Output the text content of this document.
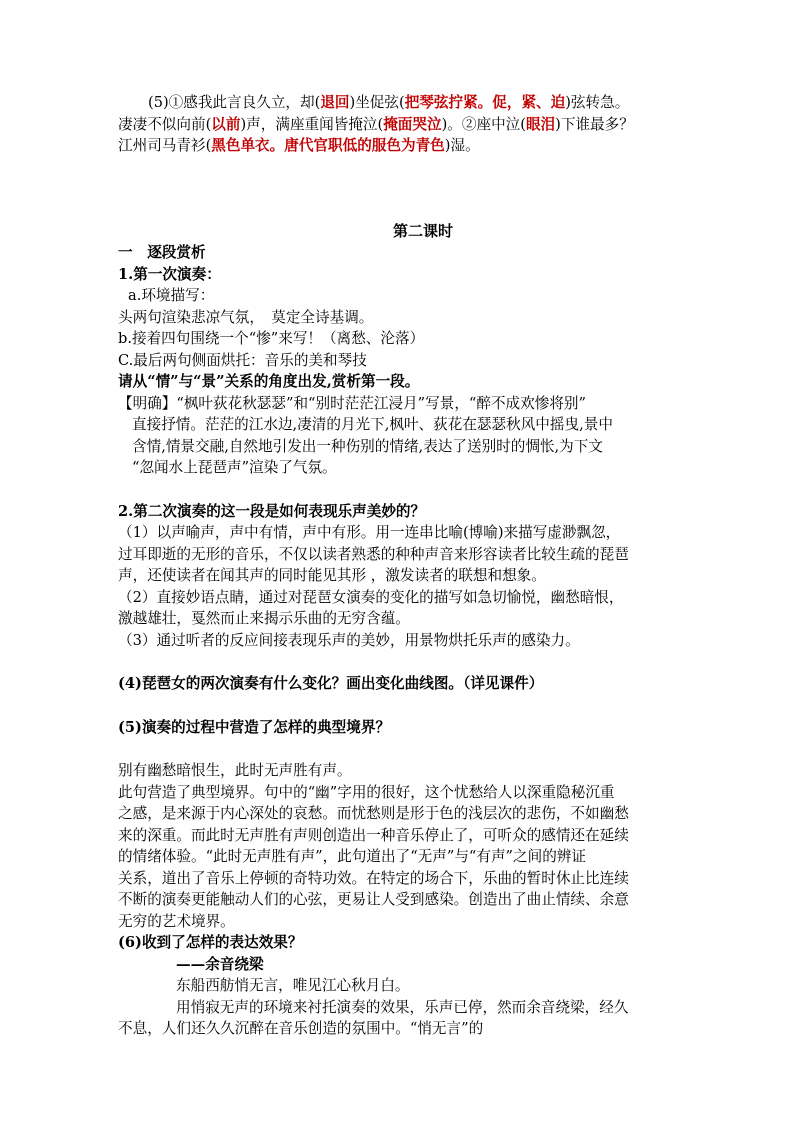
(5)①感我此言良久立，却(退回)坐促弦(把琴弦拧紧。促，紧、迫)弦转急。

凄凄不似向前(以前)声，满座重闻皆掩泣(掩面哭泣)。②座中泣(眼泪)下谁最多？

江州司马青衫(黑色单衣。唐代官职低的服色为青色)湿。

第二课时

一　逐段赏析

1.第一次演奏：

a.环境描写：

头两句渲染悲凉气氛，　莫定全诗基调。

b.接着四句围绕一个“惨”来写！（离愁、沦落）

C.最后两句侧面烘托：音乐的美和琴技

请从“情”与“景”关系的角度出发,赏析第一段。

【明确】“枫叶荻花秋瑟瑟”和“别时茫茫江浸月”写景，“醉不成欢惨将别”

直接抒情。茫茫的江水边,凄清的月光下,枫叶、荻花在瑟瑟秋风中摇曳,景中

含情,情景交融,自然地引发出一种伤别的情绪,表达了送别时的惆怅,为下文

“忽闻水上琵琶声”渲染了气氛。

2.第二次演奏的这一段是如何表现乐声美妙的？

（1）以声喻声，声中有情，声中有形。用一连串比喻(博喻)来描写虚渺飘忽，

过耳即逝的无形的音乐，不仅以读者熟悉的种种声音来形容读者比较生疏的琵琶

声，还使读者在闻其声的同时能见其形 ，激发读者的联想和想象。

（2）直接妙语点睛，通过对琵琶女演奏的变化的描写如急切愉悦，幽愁暗恨，

激越雄壮，戛然而止来揭示乐曲的无穷含蕴。

（3）通过听者的反应间接表现乐声的美妙，用景物烘托乐声的感染力。

(4)琵琶女的两次演奏有什么变化？画出变化曲线图。（详见课件）

(5)演奏的过程中营造了怎样的典型境界？

别有幽愁暗恨生，此时无声胜有声。

此句营造了典型境界。句中的“幽”字用的很好，这个忧愁给人以深重隐秘沉重

之感，是来源于内心深处的哀愁。而忧愁则是形于色的浅层次的悲伤，不如幽愁

来的深重。而此时无声胜有声则创造出一种音乐停止了，可听众的感情还在延续

的情绪体验。“此时无声胜有声”，此句道出了“无声”与“有声”之间的辨证

关系，道出了音乐上停顿的奇特功效。在特定的场合下，乐曲的暂时休止比连续

不断的演奏更能触动人们的心弦，更易让人受到感染。创造出了曲止情续、余意

无穷的艺术境界。

(6)收到了怎样的表达效果？

——余音绕梁

东船西舫悄无言，唯见江心秋月白。

用悄寂无声的环境来衬托演奏的效果，乐声已停，然而余音绕梁，经久

不息，人们还久久沉醉在音乐创造的氛围中。“悄无言”的
